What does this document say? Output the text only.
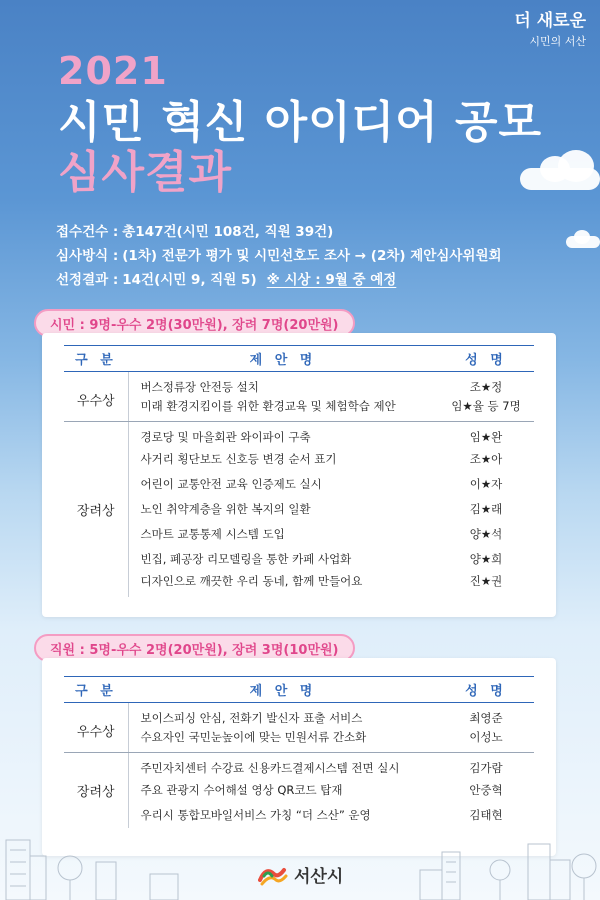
더 새로운
시민의 서산
2021
시민 혁신 아이디어 공모
심사결과
접수건수 : 총147건(시민 108건, 직원 39건)
심사방식 : (1차) 전문가 평가 및 시민선호도 조사 → (2차) 제안심사위원회
선정결과 : 14건(시민 9, 직원 5) ※ 시상 : 9월 중 예정
시민 : 9명-우수 2명(30만원), 장려 7명(20만원)
구 분	제 안 명	성 명
우수상	버스정류장 안전등 설치	조★정
	미래 환경지킴이를 위한 환경교육 및 체험학습 제안	임★율 등 7명
장려상	경로당 및 마을회관 와이파이 구축	임★완
	사거리 횡단보도 신호등 변경 순서 표기	조★아
	어린이 교통안전 교육 인증제도 실시	이★자
	노인 취약계층을 위한 복지의 일환	김★래
	스마트 교통통제 시스템 도입	양★석
	빈집, 폐공장 리모델링을 통한 카페 사업화	양★희
	디자인으로 깨끗한 우리 동네, 함께 만들어요	진★권
직원 : 5명-우수 2명(20만원), 장려 3명(10만원)
구 분	제 안 명	성 명
우수상	보이스피싱 안심, 전화기 발신자 표출 서비스	최영준
	수요자인 국민눈높이에 맞는 민원서류 간소화	이성노
장려상	주민자치센터 수강료 신용카드결제시스템 전면 실시	김가람
	주요 관광지 수어해설 영상 QR코드 탑재	안중혁
	우리시 통합모바일서비스 가칭 “더 스산” 운영	김태현
서산시
